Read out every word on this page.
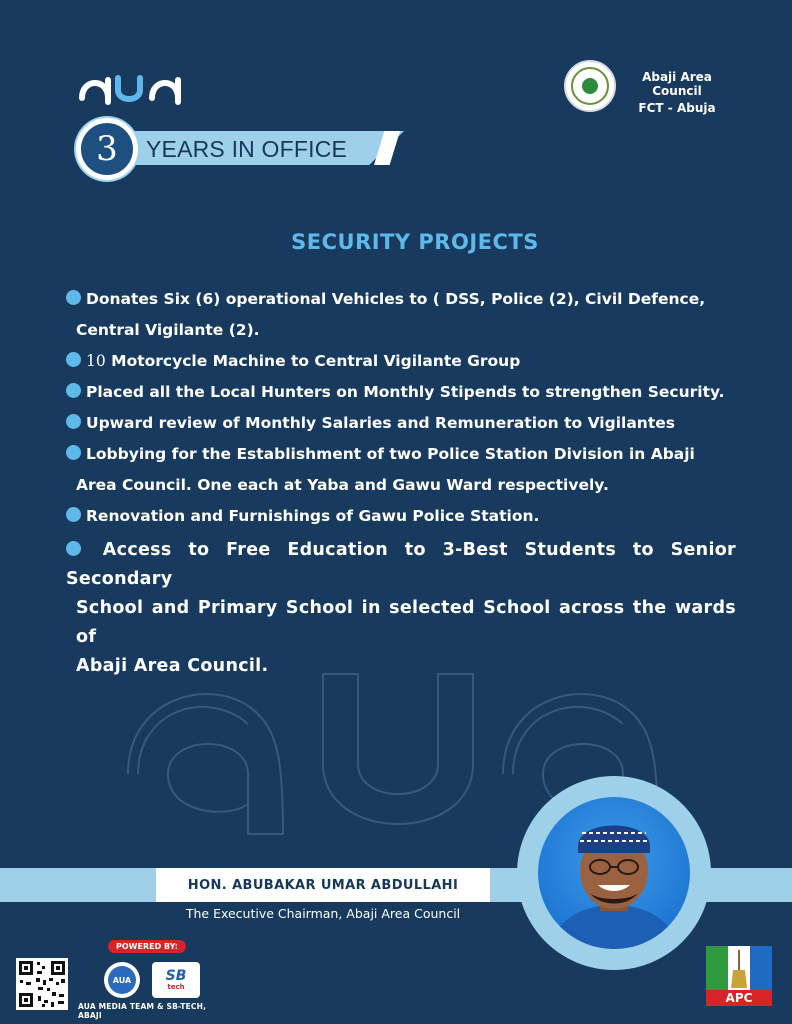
YEARS IN OFFICE
3
Abaji Area Council
FCT - Abuja
SECURITY PROJECTS
Donates Six (6) operational Vehicles to ( DSS, Police (2), Civil Defence,
Central Vigilante (2).
10 Motorcycle Machine to Central Vigilante Group
Placed all the Local Hunters on Monthly Stipends to strengthen Security.
Upward review of Monthly Salaries and Remuneration to Vigilantes
Lobbying for the Establishment of two Police Station Division in Abaji
Area Council. One each at Yaba and Gawu Ward respectively.
Renovation and Furnishings of Gawu Police Station.
Access to Free Education to 3-Best Students to Senior Secondary
School and Primary School in selected School across the wards of
Abaji Area Council.
HON. ABUBAKAR UMAR ABDULLAHI
The Executive Chairman, Abaji Area Council
POWERED BY:
AUA	SB
tech
AUA MEDIA TEAM & SB-TECH, ABAJI
APC
